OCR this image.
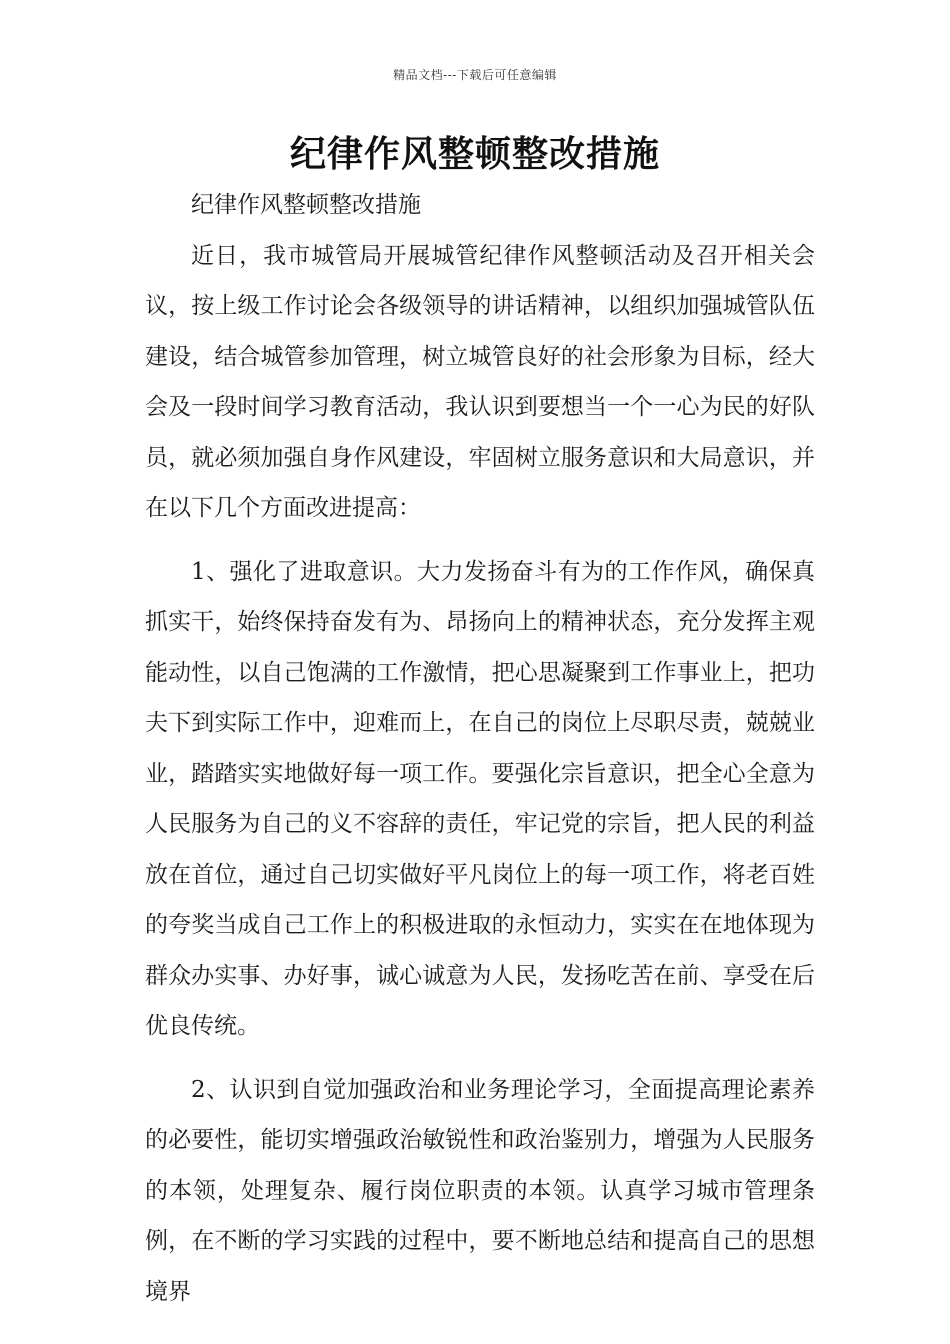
精品文档---下载后可任意编辑
纪律作风整顿整改措施

纪律作风整顿整改措施

近日，我市城管局开展城管纪律作风整顿活动及召开相关会议，按上级工作讨论会各级领导的讲话精神，以组织加强城管队伍建设，结合城管参加管理，树立城管良好的社会形象为目标，经大会及一段时间学习教育活动，我认识到要想当一个一心为民的好队员，就必须加强自身作风建设，牢固树立服务意识和大局意识，并在以下几个方面改进提高：

1、强化了进取意识。大力发扬奋斗有为的工作作风，确保真抓实干，始终保持奋发有为、昂扬向上的精神状态，充分发挥主观能动性，以自己饱满的工作激情，把心思凝聚到工作事业上，把功夫下到实际工作中，迎难而上，在自己的岗位上尽职尽责，兢兢业业，踏踏实实地做好每一项工作。要强化宗旨意识，把全心全意为人民服务为自己的义不容辞的责任，牢记党的宗旨，把人民的利益放在首位，通过自己切实做好平凡岗位上的每一项工作，将老百姓的夸奖当成自己工作上的积极进取的永恒动力，实实在在地体现为群众办实事、办好事，诚心诚意为人民，发扬吃苦在前、享受在后优良传统。

2、认识到自觉加强政治和业务理论学习，全面提高理论素养的必要性，能切实增强政治敏锐性和政治鉴别力，增强为人民服务的本领，处理复杂、履行岗位职责的本领。认真学习城市管理条例，在不断的学习实践的过程中，要不断地总结和提高自己的思想境界
